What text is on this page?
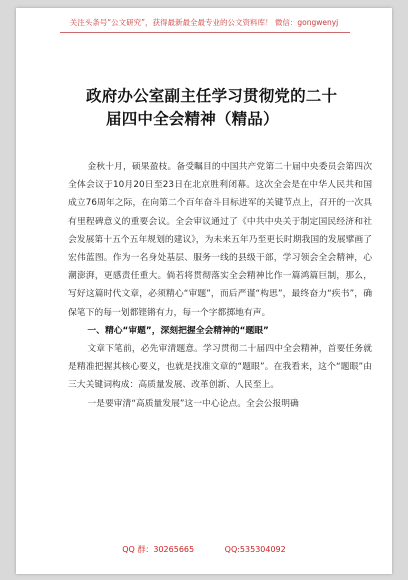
关注头条号“公文研究”，获得最新最全最专业的公文资料库！ 微信：gongwenyj
政府办公室副主任学习贯彻党的二十
届四中全会精神（精品）

金秋十月，硕果盈枝。备受瞩目的中国共产党第二十届中央委员会第四次全体会议于10月20日至23日在北京胜利闭幕。这次全会是在中华人民共和国成立76周年之际，在向第二个百年奋斗目标进军的关键节点上，召开的一次具有里程碑意义的重要会议。全会审议通过了《中共中央关于制定国民经济和社会发展第十五个五年规划的建议》，为未来五年乃至更长时期我国的发展擘画了宏伟蓝图。作为一名身处基层、服务一线的县级干部，学习领会全会精神，心潮澎湃，更感责任重大。倘若将贯彻落实全会精神比作一篇鸿篇巨制，那么，写好这篇时代文章，必须精心“审题”，而后严谨“构思”，最终奋力“疾书”，确保笔下的每一划都铿锵有力，每一个字都掷地有声。

一、精心“审题”，深刻把握全会精神的“题眼”

文章下笔前，必先审清题意。学习贯彻二十届四中全会精神，首要任务就是精准把握其核心要义，也就是找准文章的“题眼”。在我看来，这个“题眼”由三大关键词构成：高质量发展、改革创新、人民至上。

一是要审清“高质量发展”这一中心论点。全会公报明确

QQ 群：30265665	QQ:535304092
